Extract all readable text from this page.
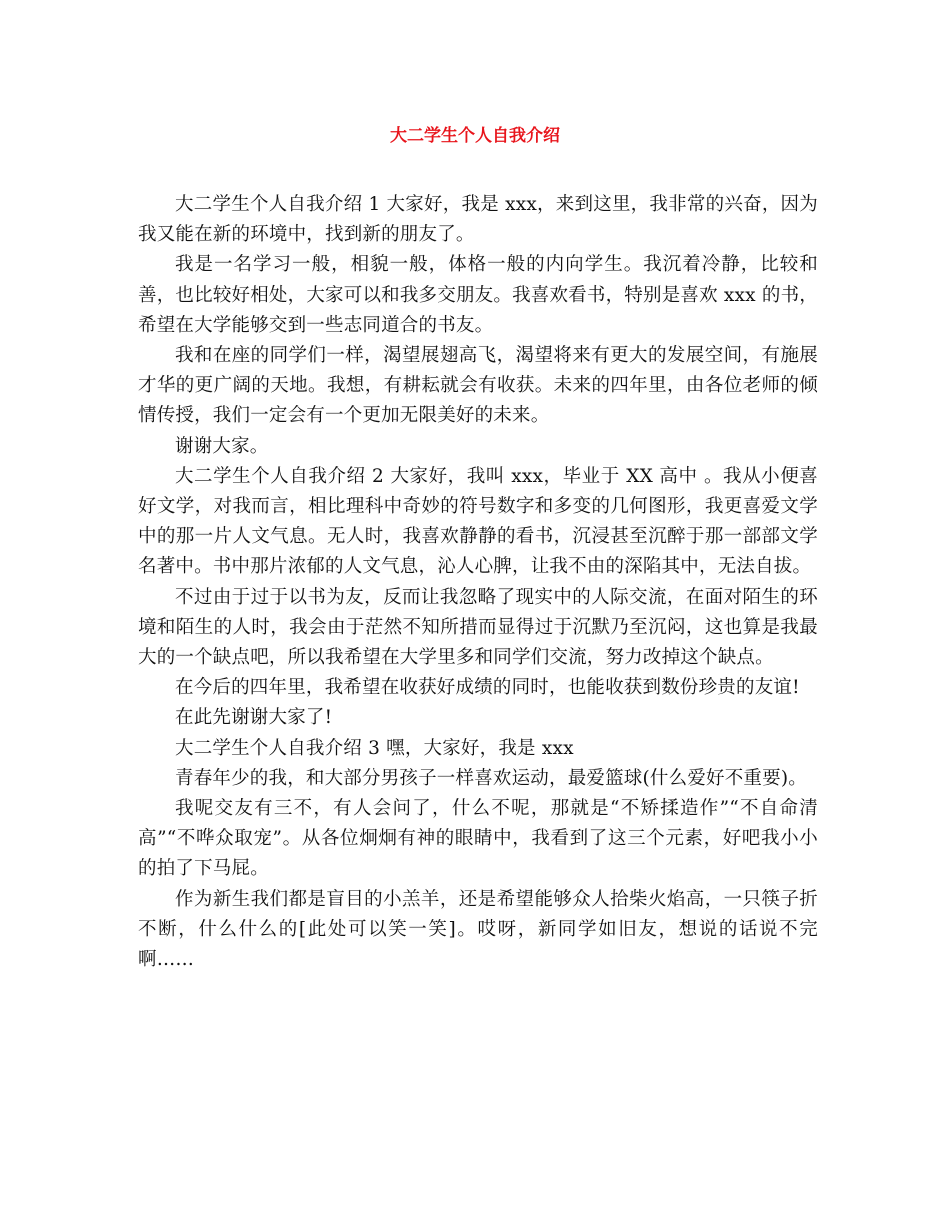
大二学生个人自我介绍

大二学生个人自我介绍 1 大家好，我是 xxx，来到这里，我非常的兴奋，因为我又能在新的环境中，找到新的朋友了。

我是一名学习一般，相貌一般，体格一般的内向学生。我沉着冷静，比较和善，也比较好相处，大家可以和我多交朋友。我喜欢看书，特别是喜欢 xxx 的书，希望在大学能够交到一些志同道合的书友。

我和在座的同学们一样，渴望展翅高飞，渴望将来有更大的发展空间，有施展才华的更广阔的天地。我想，有耕耘就会有收获。未来的四年里，由各位老师的倾情传授，我们一定会有一个更加无限美好的未来。

谢谢大家。

大二学生个人自我介绍 2 大家好，我叫 xxx，毕业于 XX 高中 。我从小便喜好文学，对我而言，相比理科中奇妙的符号数字和多变的几何图形，我更喜爱文学中的那一片人文气息。无人时，我喜欢静静的看书，沉浸甚至沉醉于那一部部文学名著中。书中那片浓郁的人文气息，沁人心脾，让我不由的深陷其中，无法自拔。

不过由于过于以书为友，反而让我忽略了现实中的人际交流，在面对陌生的环境和陌生的人时，我会由于茫然不知所措而显得过于沉默乃至沉闷，这也算是我最大的一个缺点吧，所以我希望在大学里多和同学们交流，努力改掉这个缺点。

在今后的四年里，我希望在收获好成绩的同时，也能收获到数份珍贵的友谊!

在此先谢谢大家了!

大二学生个人自我介绍 3 嘿，大家好，我是 xxx

青春年少的我，和大部分男孩子一样喜欢运动，最爱篮球(什么爱好不重要)。

我呢交友有三不，有人会问了，什么不呢，那就是“不矫揉造作”“不自命清高”“不哗众取宠”。从各位炯炯有神的眼睛中，我看到了这三个元素，好吧我小小的拍了下马屁。

作为新生我们都是盲目的小羔羊，还是希望能够众人拾柴火焰高，一只筷子折不断，什么什么的[此处可以笑一笑]。哎呀，新同学如旧友，想说的话说不完啊……
